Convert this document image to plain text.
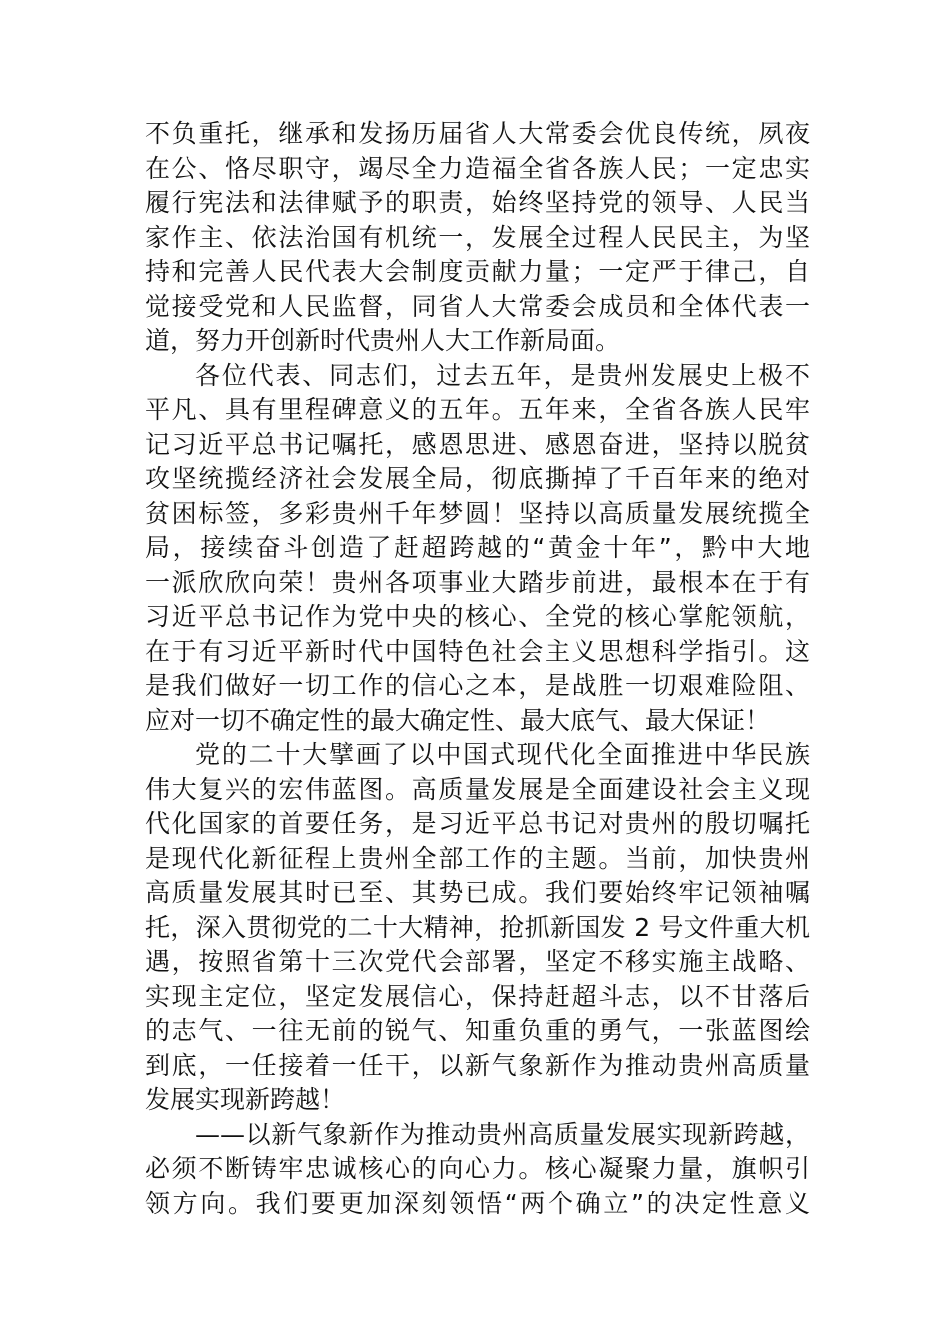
不负重托，继承和发扬历届省人大常委会优良传统，夙夜
在公、恪尽职守，竭尽全力造福全省各族人民；一定忠实
履行宪法和法律赋予的职责，始终坚持党的领导、人民当
家作主、依法治国有机统一，发展全过程人民民主，为坚
持和完善人民代表大会制度贡献力量；一定严于律己，自
觉接受党和人民监督，同省人大常委会成员和全体代表一
道，努力开创新时代贵州人大工作新局面。
各位代表、同志们，过去五年，是贵州发展史上极不
平凡、具有里程碑意义的五年。五年来，全省各族人民牢
记习近平总书记嘱托，感恩思进、感恩奋进，坚持以脱贫
攻坚统揽经济社会发展全局，彻底撕掉了千百年来的绝对
贫困标签，多彩贵州千年梦圆！坚持以高质量发展统揽全
局，接续奋斗创造了赶超跨越的“黄金十年”，黔中大地
一派欣欣向荣！贵州各项事业大踏步前进，最根本在于有
习近平总书记作为党中央的核心、全党的核心掌舵领航，
在于有习近平新时代中国特色社会主义思想科学指引。这
是我们做好一切工作的信心之本，是战胜一切艰难险阻、
应对一切不确定性的最大确定性、最大底气、最大保证！
党的二十大擘画了以中国式现代化全面推进中华民族
伟大复兴的宏伟蓝图。高质量发展是全面建设社会主义现
代化国家的首要任务，是习近平总书记对贵州的殷切嘱托
是现代化新征程上贵州全部工作的主题。当前，加快贵州
高质量发展其时已至、其势已成。我们要始终牢记领袖嘱
托，深入贯彻党的二十大精神，抢抓新国发 2 号文件重大机
遇，按照省第十三次党代会部署，坚定不移实施主战略、
实现主定位，坚定发展信心，保持赶超斗志，以不甘落后
的志气、一往无前的锐气、知重负重的勇气，一张蓝图绘
到底，一任接着一任干，以新气象新作为推动贵州高质量
发展实现新跨越！
——以新气象新作为推动贵州高质量发展实现新跨越，
必须不断铸牢忠诚核心的向心力。核心凝聚力量，旗帜引
领方向。我们要更加深刻领悟“两个确立”的决定性意义
